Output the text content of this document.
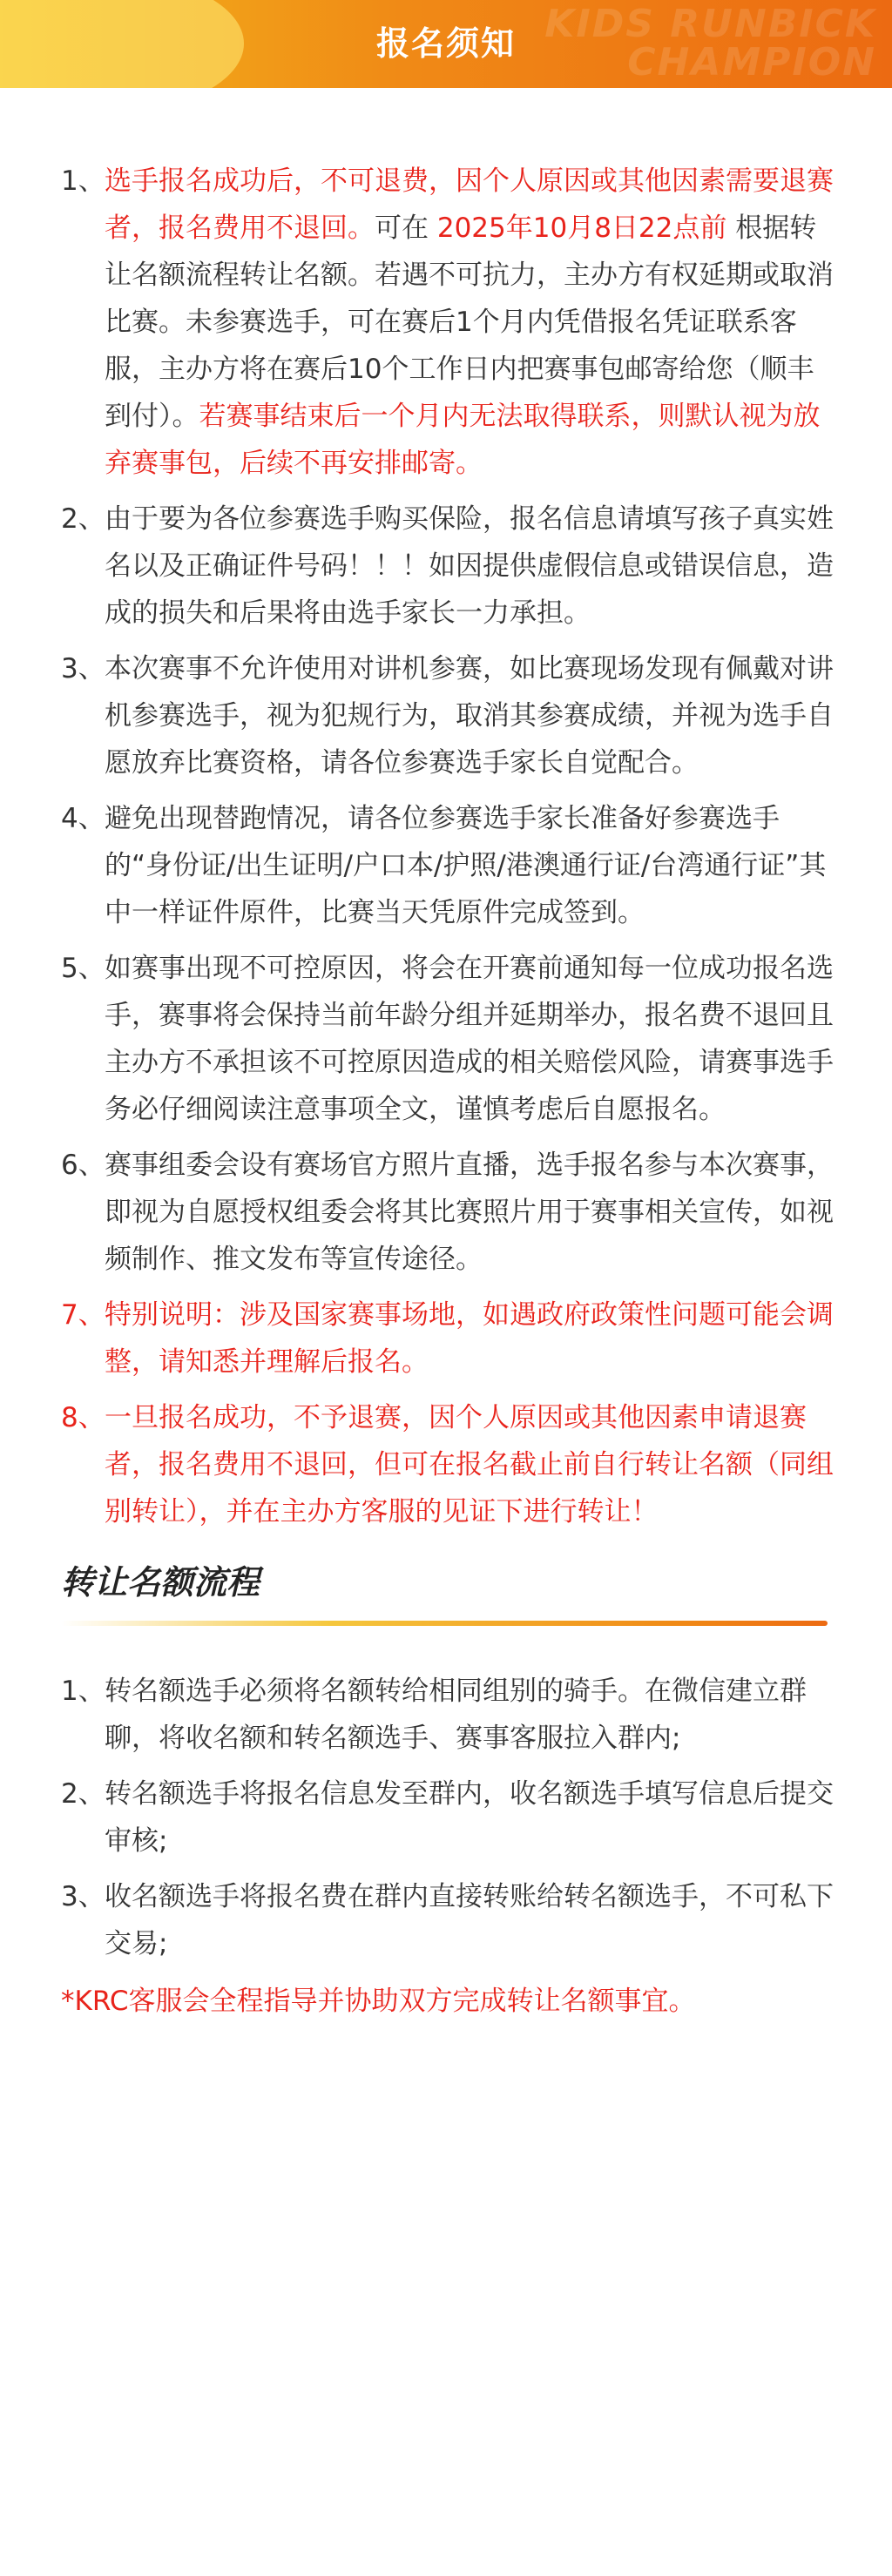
KIDS RUNBICK
CHAMPION
报名须知
1、 选手报名成功后，不可退费，因个人原因或其他因素需要退赛者，报名费用不退回。可在 2025年10月8日22点前 根据转让名额流程转让名额。若遇不可抗力，主办方有权延期或取消比赛。未参赛选手，可在赛后1个月内凭借报名凭证联系客服，主办方将在赛后10个工作日内把赛事包邮寄给您（顺丰到付）。若赛事结束后一个月内无法取得联系，则默认视为放弃赛事包，后续不再安排邮寄。
2、 由于要为各位参赛选手购买保险，报名信息请填写孩子真实姓名以及正确证件号码！！！如因提供虚假信息或错误信息，造成的损失和后果将由选手家长一力承担。
3、 本次赛事不允许使用对讲机参赛，如比赛现场发现有佩戴对讲机参赛选手，视为犯规行为，取消其参赛成绩，并视为选手自愿放弃比赛资格，请各位参赛选手家长自觉配合。
4、 避免出现替跑情况，请各位参赛选手家长准备好参赛选手的“身份证/出生证明/户口本/护照/港澳通行证/台湾通行证”其中一样证件原件，比赛当天凭原件完成签到。
5、 如赛事出现不可控原因，将会在开赛前通知每一位成功报名选手，赛事将会保持当前年龄分组并延期举办，报名费不退回且主办方不承担该不可控原因造成的相关赔偿风险，请赛事选手务必仔细阅读注意事项全文，谨慎考虑后自愿报名。
6、 赛事组委会设有赛场官方照片直播，选手报名参与本次赛事，即视为自愿授权组委会将其比赛照片用于赛事相关宣传，如视频制作、推文发布等宣传途径。
7、 特别说明：涉及国家赛事场地，如遇政府政策性问题可能会调整，请知悉并理解后报名。
8、 一旦报名成功，不予退赛，因个人原因或其他因素申请退赛者，报名费用不退回，但可在报名截止前自行转让名额（同组别转让），并在主办方客服的见证下进行转让！
转让名额流程
1、 转名额选手必须将名额转给相同组别的骑手。在微信建立群聊，将收名额和转名额选手、赛事客服拉入群内;
2、 转名额选手将报名信息发至群内，收名额选手填写信息后提交审核;
3、 收名额选手将报名费在群内直接转账给转名额选手，不可私下交易;
*KRC客服会全程指导并协助双方完成转让名额事宜。
